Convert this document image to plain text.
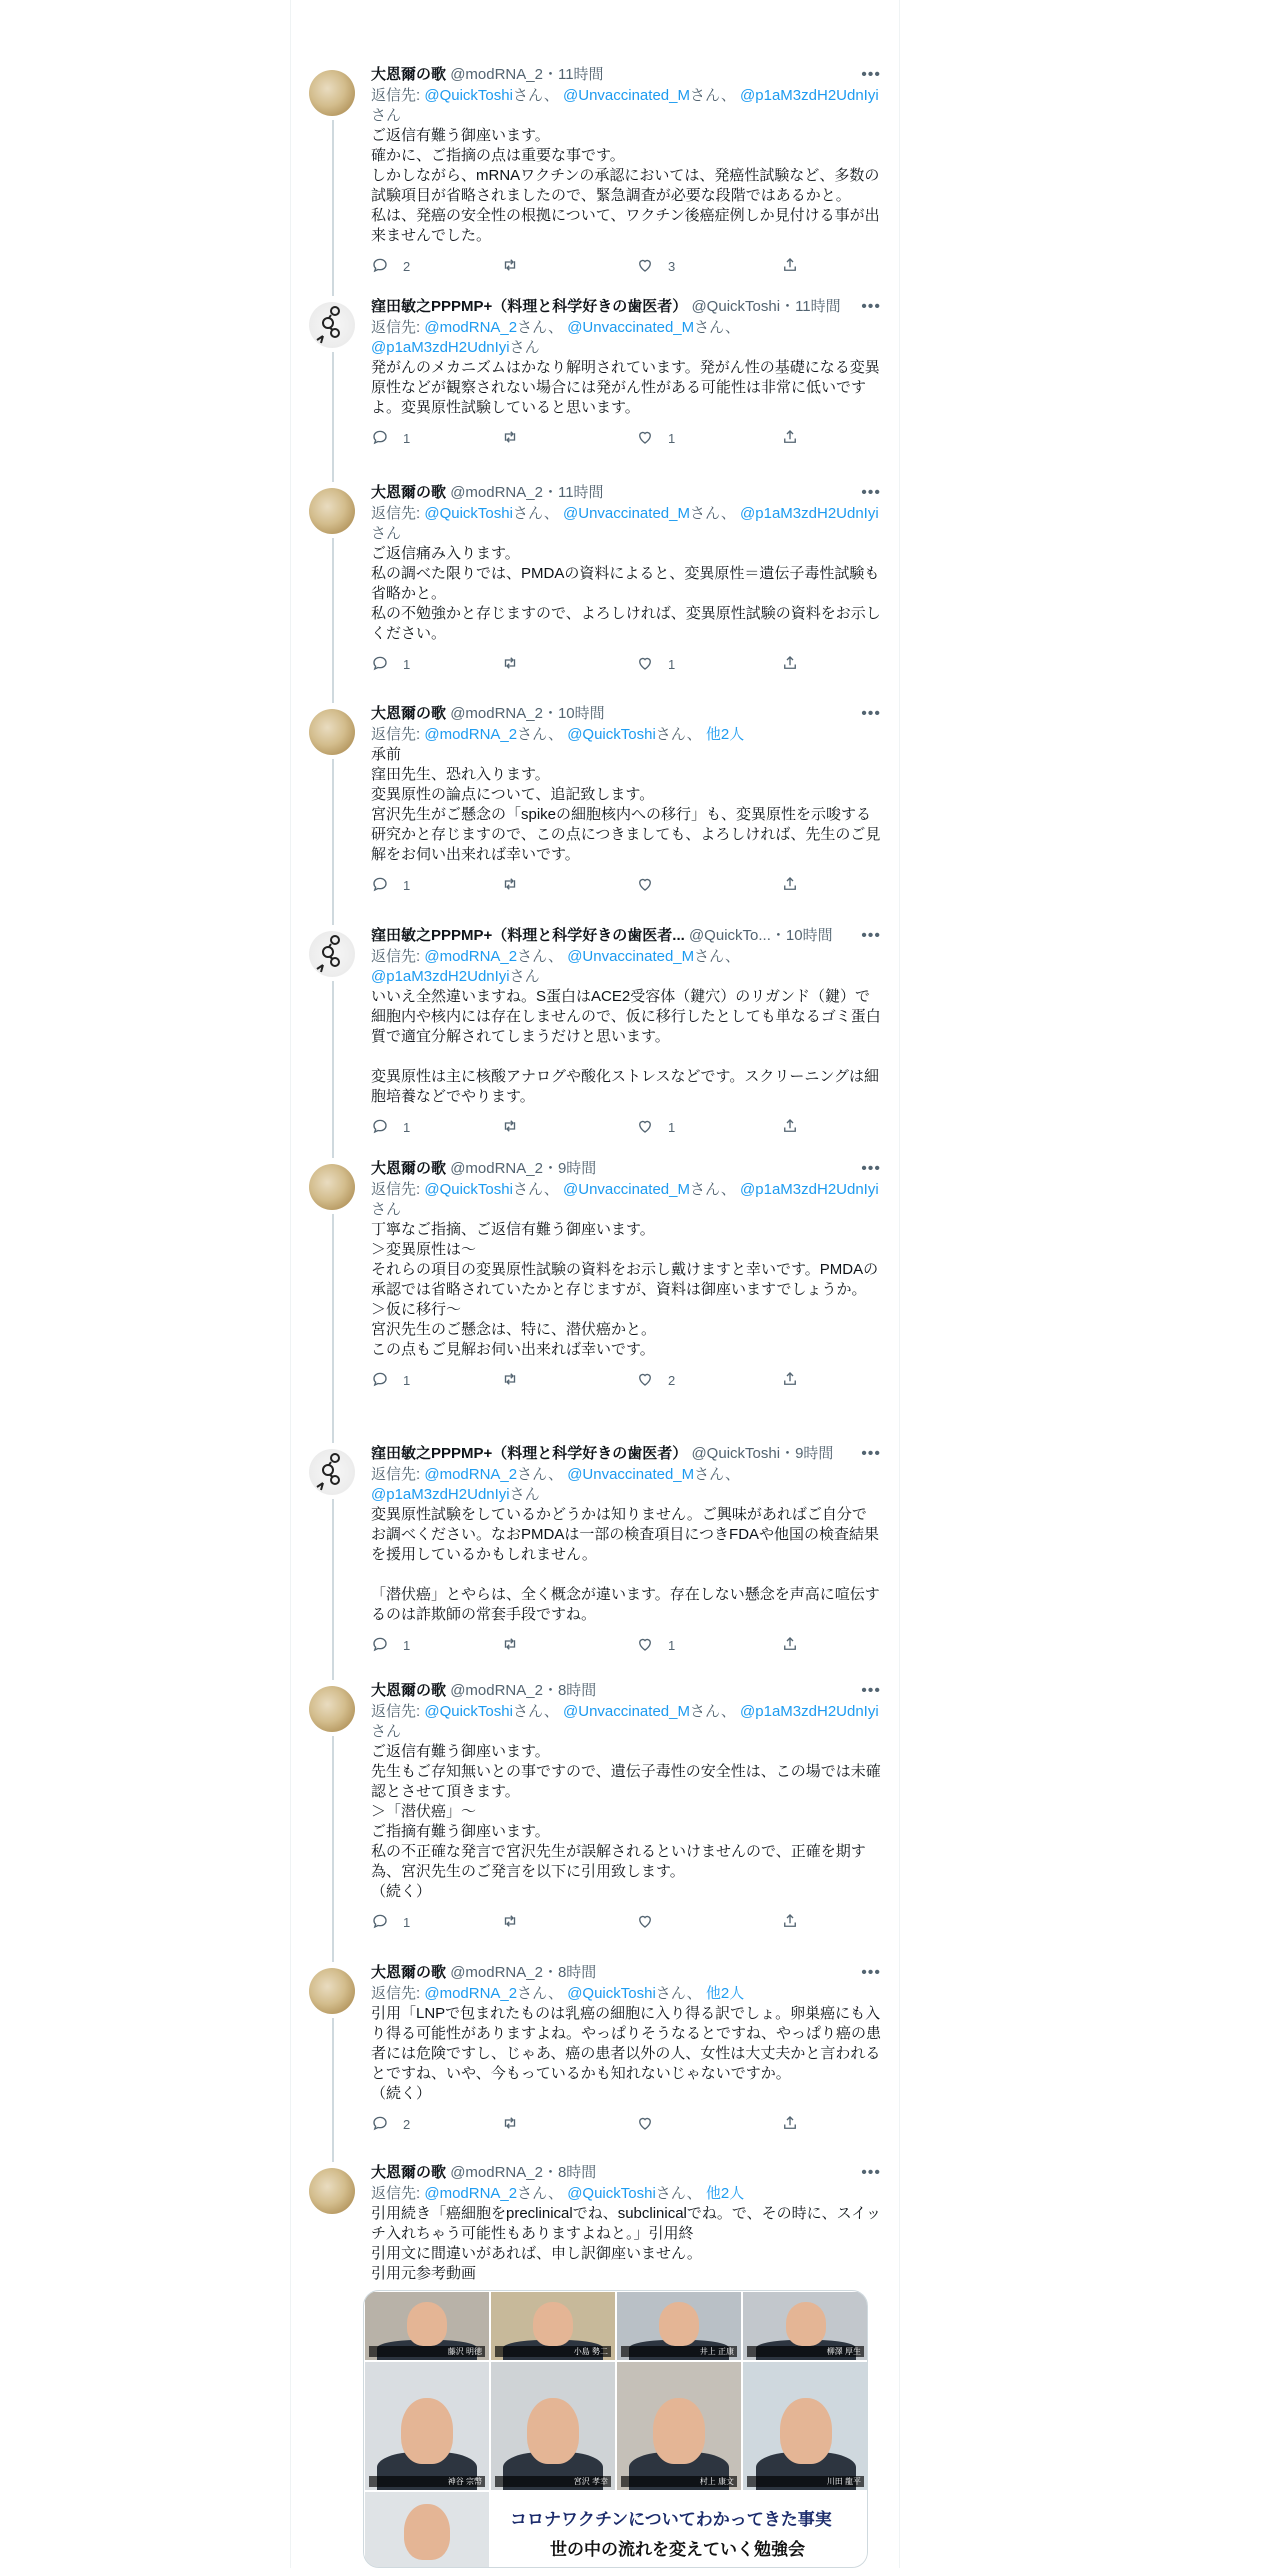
大恩爾の歌 @modRNA_2・11時間	•••
返信先: @QuickToshiさん、 @Unvaccinated_Mさん、 @p1aM3zdH2UdnIyiさん
ご返信有難う御座います。
確かに、ご指摘の点は重要な事です。
しかしながら、mRNAワクチンの承認においては、発癌性試験など、多数の試験項目が省略されましたので、緊急調査が必要な段階ではあるかと。
私は、発癌の安全性の根拠について、ワクチン後癌症例しか見付ける事が出来ませんでした。
2	3
窪田敏之PPPMP+（料理と科学好きの歯医者） @QuickToshi・11時間 •••
返信先: @modRNA_2さん、 @Unvaccinated_Mさん、 @p1aM3zdH2UdnIyiさん
発がんのメカニズムはかなり解明されています。発がん性の基礎になる変異原性などが観察されない場合には発がん性がある可能性は非常に低いですよ。変異原性試験していると思います。
1	1
大恩爾の歌 @modRNA_2・11時間	•••
返信先: @QuickToshiさん、 @Unvaccinated_Mさん、 @p1aM3zdH2UdnIyiさん
ご返信痛み入ります。
私の調べた限りでは、PMDAの資料によると、変異原性＝遺伝子毒性試験も省略かと。
私の不勉強かと存じますので、よろしければ、変異原性試験の資料をお示しください。
1	1
大恩爾の歌 @modRNA_2・10時間	•••
返信先: @modRNA_2さん、 @QuickToshiさん、 他2人
承前
窪田先生、恐れ入ります。
変異原性の論点について、追記致します。
宮沢先生がご懸念の「spikeの細胞核内への移行」も、変異原性を示唆する研究かと存じますので、この点につきましても、よろしければ、先生のご見解をお伺い出来れば幸いです。
1
窪田敏之PPPMP+（料理と科学好きの歯医者... @QuickTo...・10時間 •••
返信先: @modRNA_2さん、 @Unvaccinated_Mさん、 @p1aM3zdH2UdnIyiさん
いいえ全然違いますね。S蛋白はACE2受容体（鍵穴）のリガンド（鍵）で細胞内や核内には存在しませんので、仮に移行したとしても単なるゴミ蛋白質で適宜分解されてしまうだけと思います。

変異原性は主に核酸アナログや酸化ストレスなどです。スクリーニングは細胞培養などでやります。
1	1
大恩爾の歌 @modRNA_2・9時間	•••
返信先: @QuickToshiさん、 @Unvaccinated_Mさん、 @p1aM3zdH2UdnIyiさん
丁寧なご指摘、ご返信有難う御座います。
＞変異原性は～
それらの項目の変異原性試験の資料をお示し戴けますと幸いです。PMDAの承認では省略されていたかと存じますが、資料は御座いますでしょうか。
＞仮に移行～
宮沢先生のご懸念は、特に、潜伏癌かと。
この点もご見解お伺い出来れば幸いです。
1	2
窪田敏之PPPMP+（料理と科学好きの歯医者） @QuickToshi・9時間 •••
返信先: @modRNA_2さん、 @Unvaccinated_Mさん、 @p1aM3zdH2UdnIyiさん
変異原性試験をしているかどうかは知りません。ご興味があればご自分でお調べください。なおPMDAは一部の検査項目につきFDAや他国の検査結果を援用しているかもしれません。

「潜伏癌」とやらは、全く概念が違います。存在しない懸念を声高に喧伝するのは詐欺師の常套手段ですね。
1	1
大恩爾の歌 @modRNA_2・8時間	•••
返信先: @QuickToshiさん、 @Unvaccinated_Mさん、 @p1aM3zdH2UdnIyiさん
ご返信有難う御座います。
先生もご存知無いとの事ですので、遺伝子毒性の安全性は、この場では未確認とさせて頂きます。
＞「潜伏癌」～
ご指摘有難う御座います。
私の不正確な発言で宮沢先生が誤解されるといけませんので、正確を期す為、宮沢先生のご発言を以下に引用致します。
（続く）
1
大恩爾の歌 @modRNA_2・8時間	•••
返信先: @modRNA_2さん、 @QuickToshiさん、 他2人
引用「LNPで包まれたものは乳癌の細胞に入り得る訳でしょ。卵巣癌にも入り得る可能性がありますよね。やっぱりそうなるとですね、やっぱり癌の患者には危険ですし、じゃあ、癌の患者以外の人、女性は大丈夫かと言われるとですね、いや、今もっているかも知れないじゃないですか。
（続く）
2
大恩爾の歌 @modRNA_2・8時間	•••
返信先: @modRNA_2さん、 @QuickToshiさん、 他2人
引用続き「癌細胞をpreclinicalでね、subclinicalでね。で、その時に、スイッチ入れちゃう可能性もありますよねと。」引用終
引用文に間違いがあれば、申し訳御座いません。
引用元参考動画
藤沢 明徳	小島 勢二	井上 正康	柳澤 厚生
神谷 宗幣	宮沢 孝幸	村上 康文	川田 龍平
コロナワクチンについてわかってきた事実
世の中の流れを変えていく勉強会
